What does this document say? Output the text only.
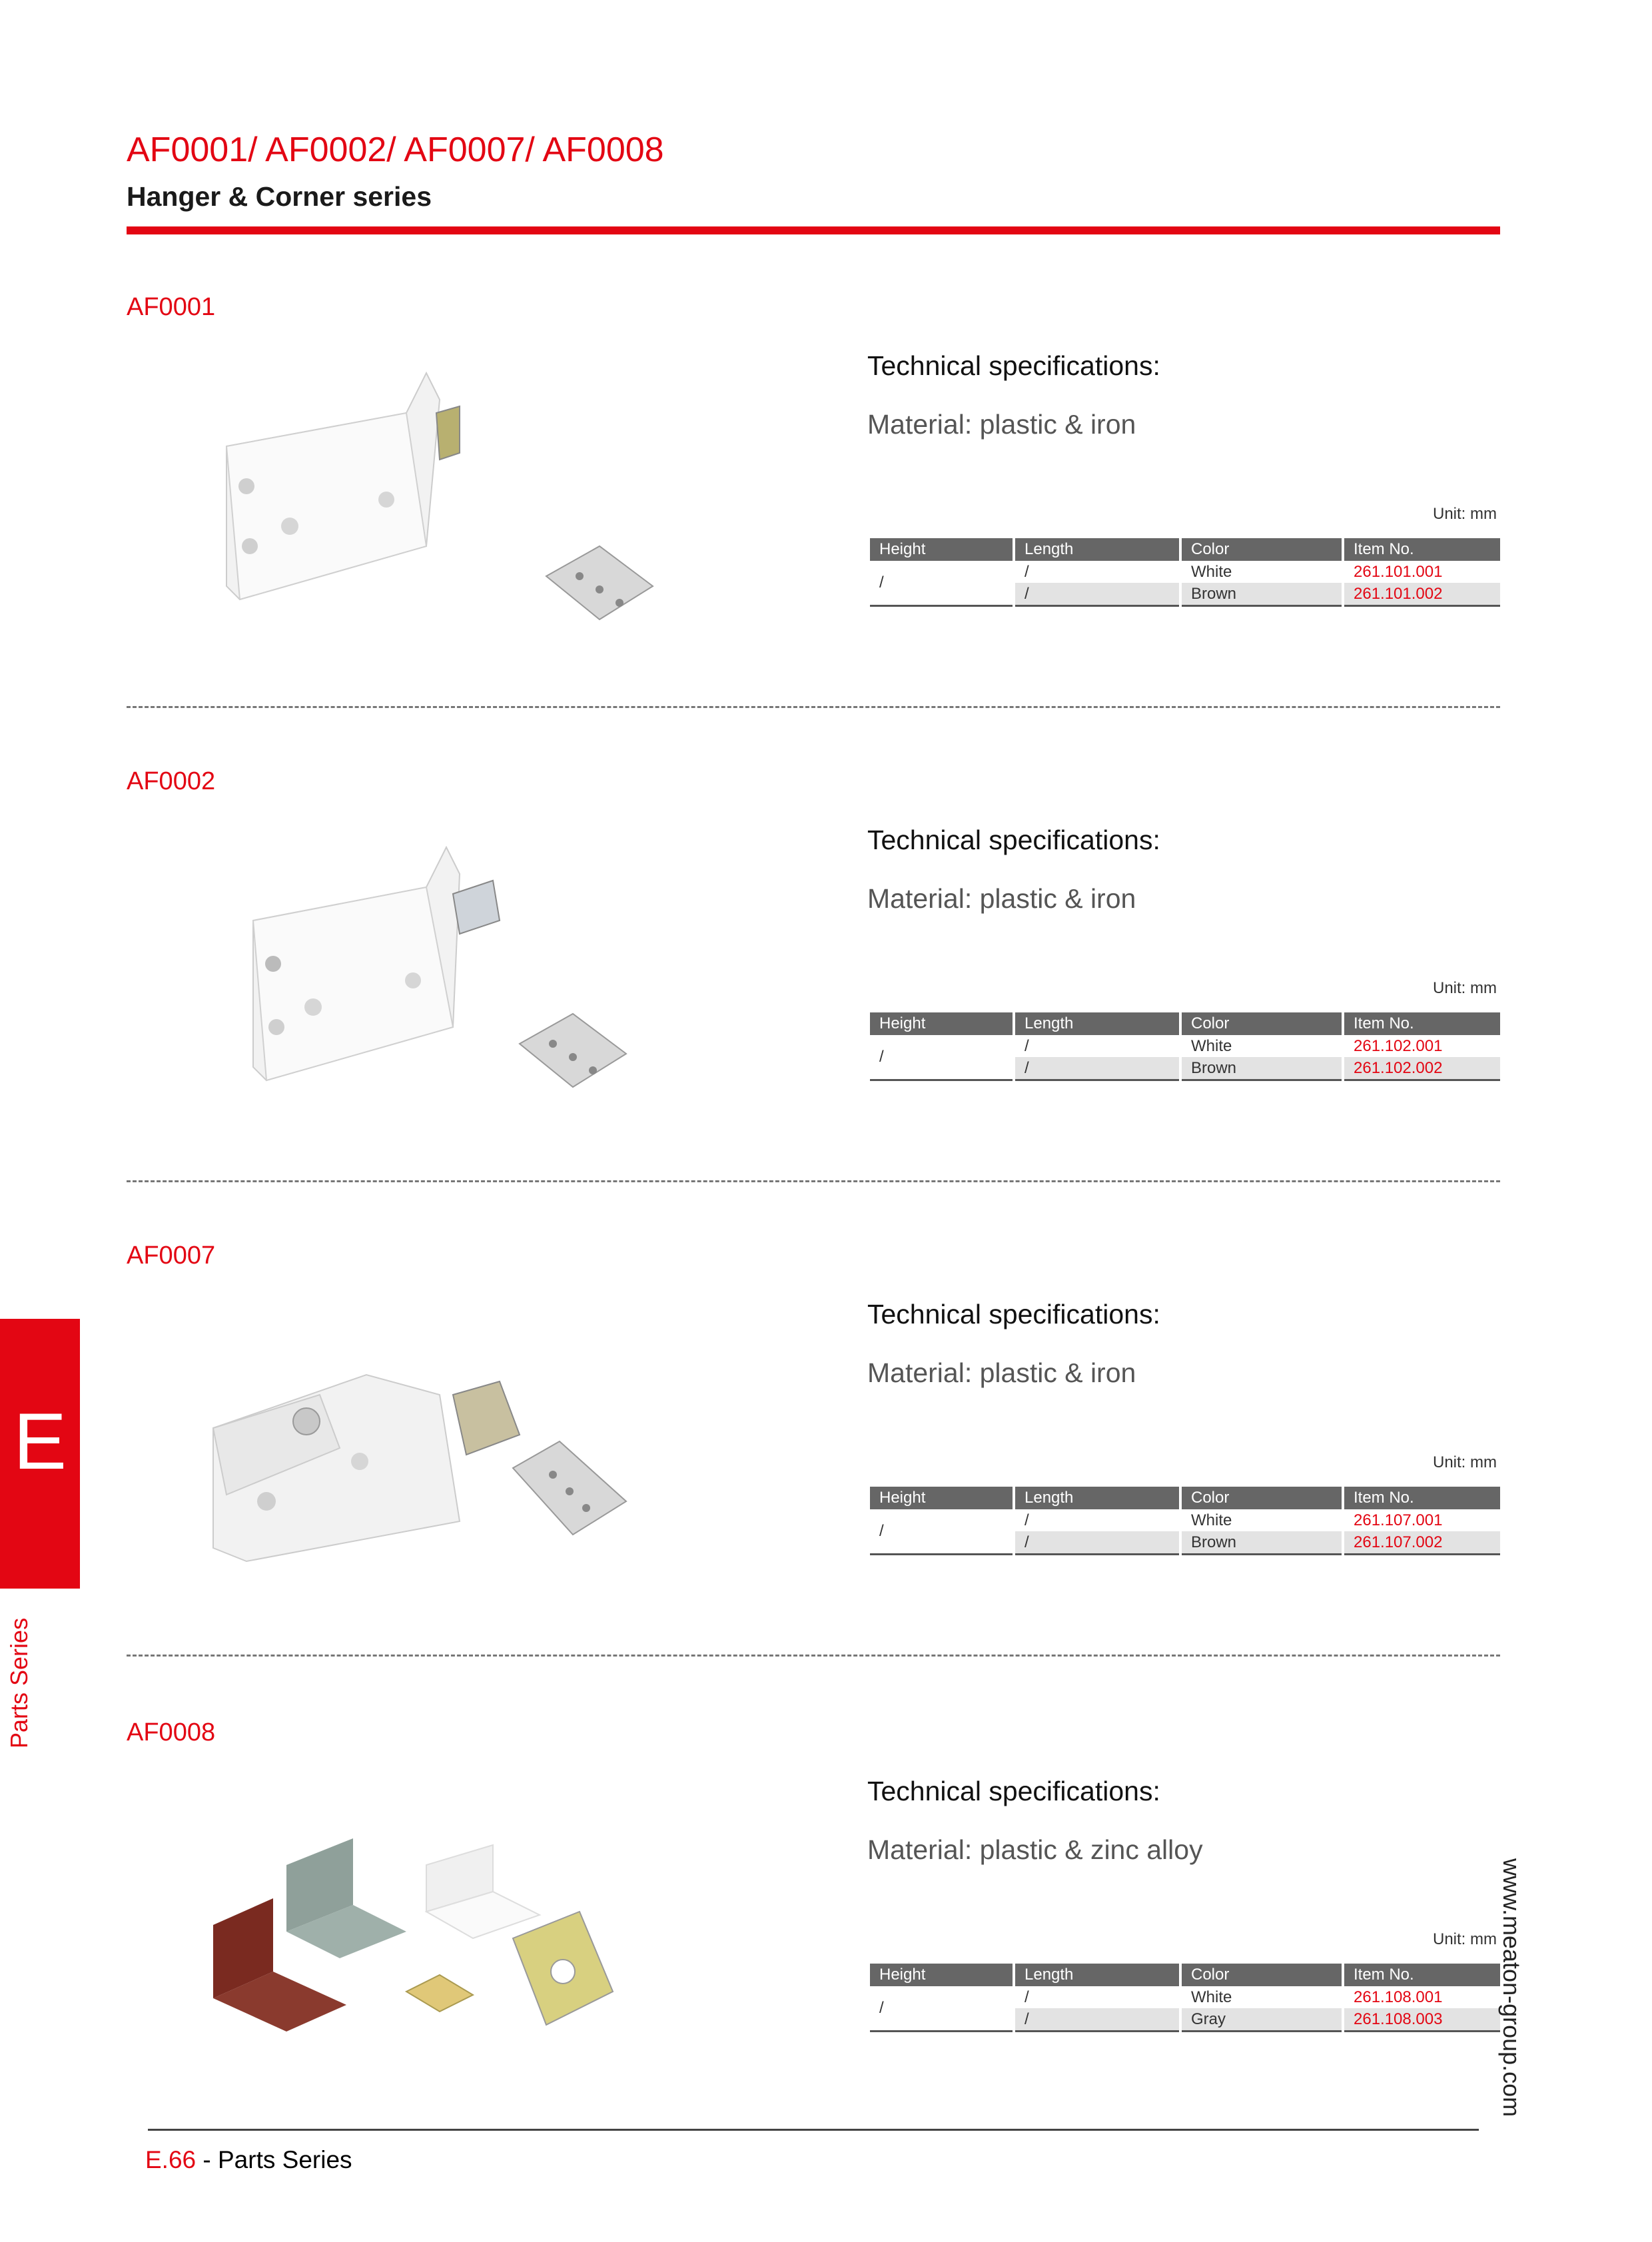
AF0001/ AF0002/ AF0007/ AF0008
Hanger & Corner series
AF0001
Technical specifications:
Material: plastic & iron
Unit: mm
Height	Length	Color	Item No.
/	/	White	261.101.001
	/	Brown	261.101.002
AF0002
Technical specifications:
Material: plastic & iron
Unit: mm
Height	Length	Color	Item No.
/	/	White	261.102.001
	/	Brown	261.102.002
AF0007
Technical specifications:
Material: plastic & iron
Unit: mm
Height	Length	Color	Item No.
/	/	White	261.107.001
	/	Brown	261.107.002
AF0008
Technical specifications:
Material: plastic & zinc alloy
Unit: mm
Height	Length	Color	Item No.
/	/	White	261.108.001
	/	Gray	261.108.003
E
Parts Series
www.meaton-group.com
E.66 - Parts Series
